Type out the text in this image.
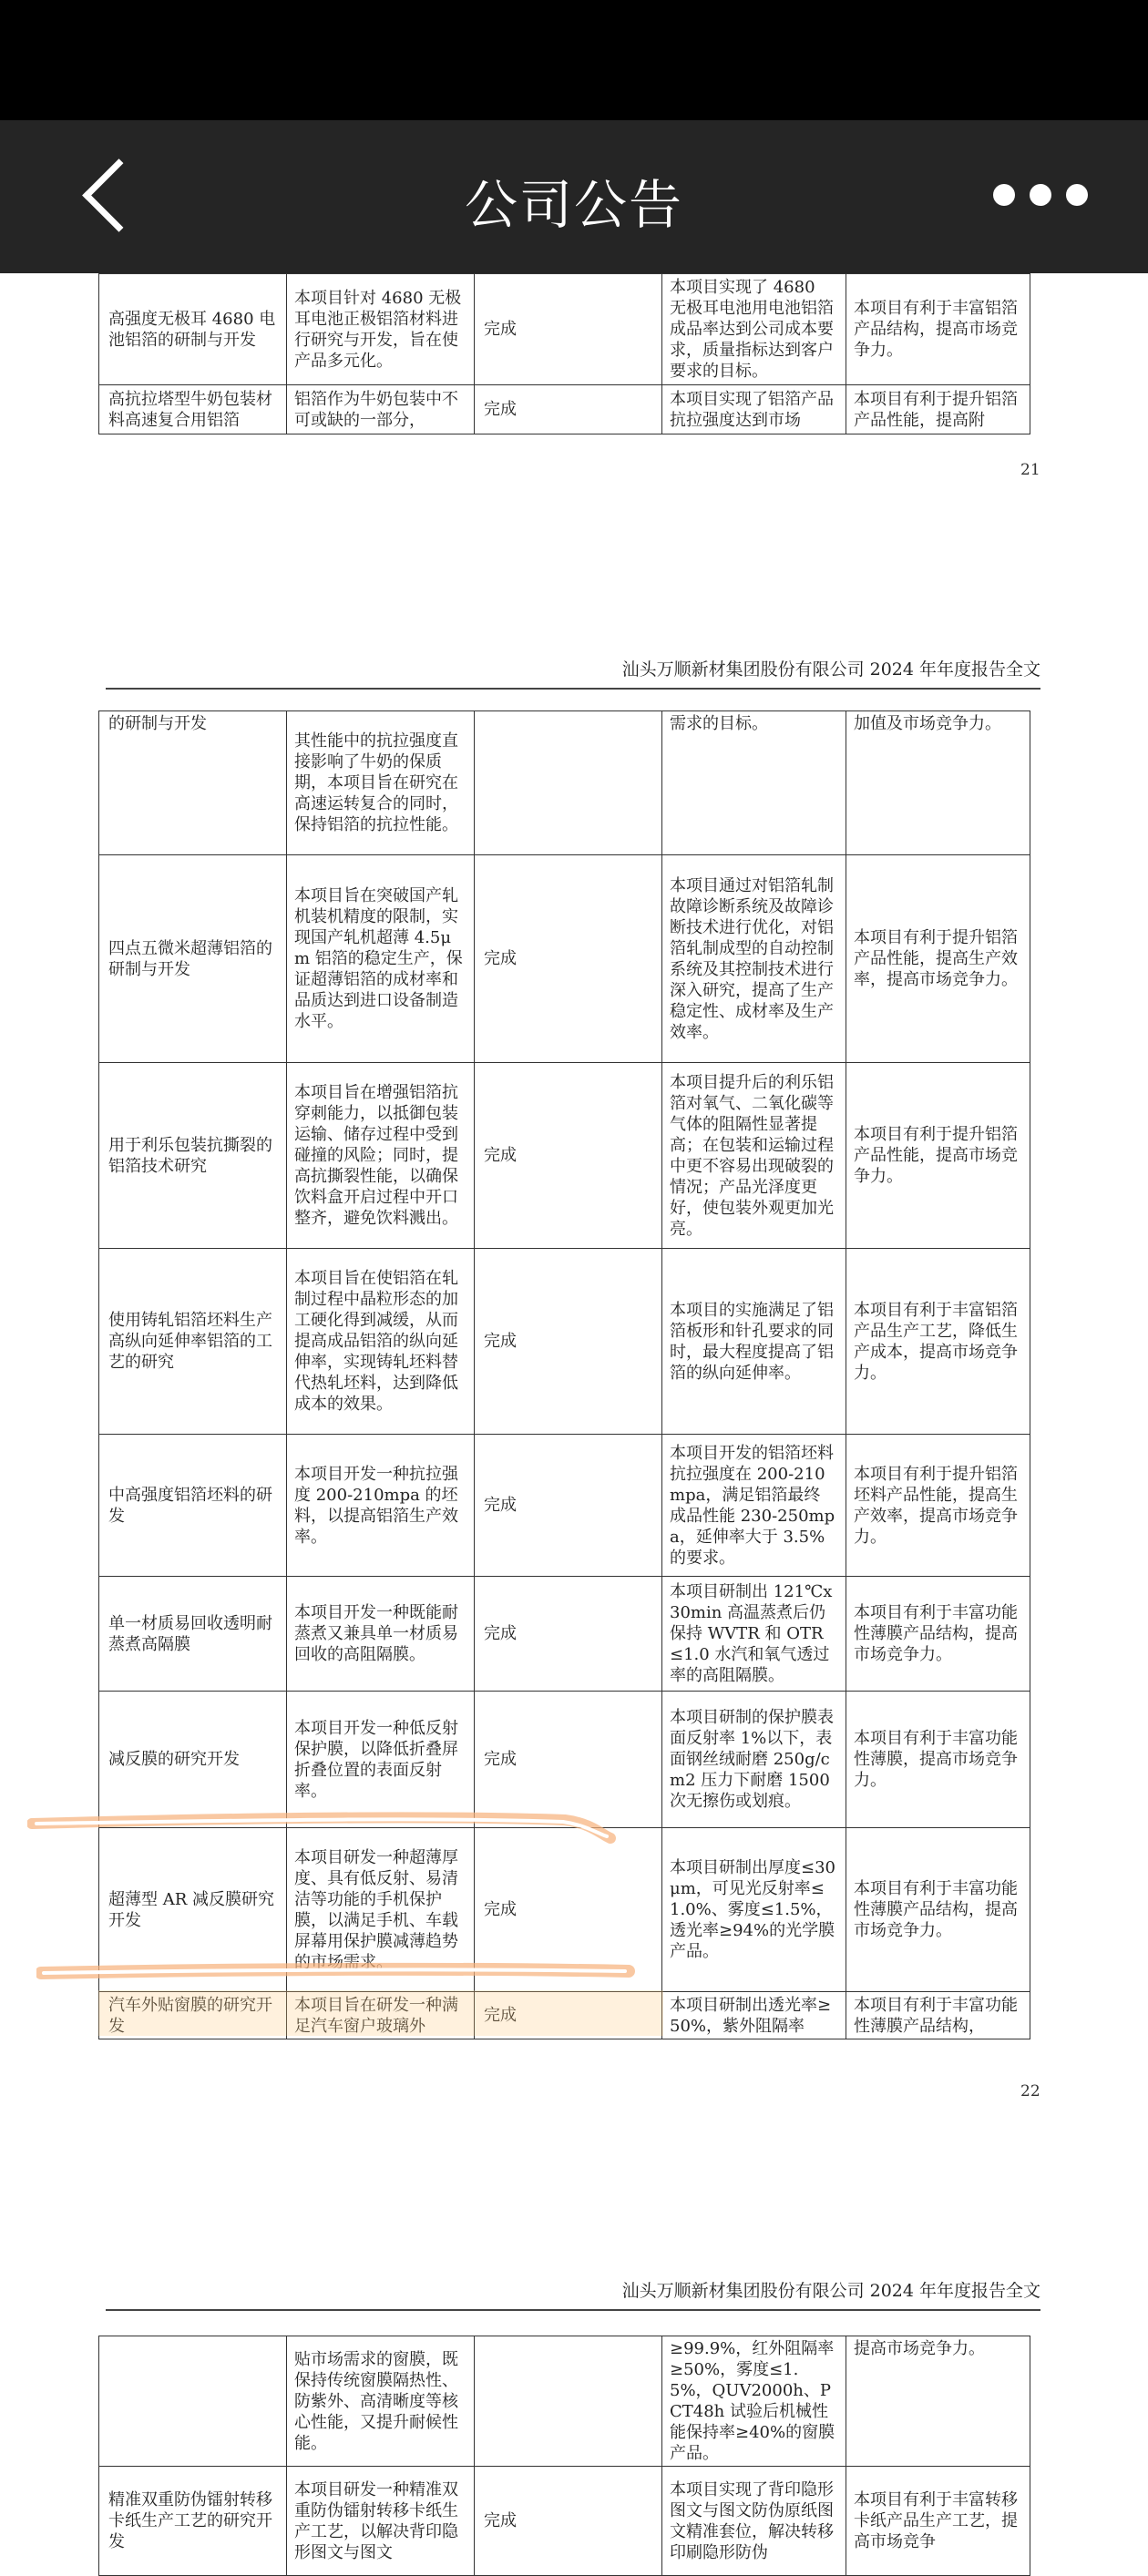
公司公告
高强度无极耳 4680 电池铝箔的研制与开发	本项目针对 4680 无极耳电池正极铝箔材料进行研究与开发，旨在使产品多元化。	完成	本项目实现了 4680 无极耳电池用电池铝箔成品率达到公司成本要求，质量指标达到客户要求的目标。	本项目有利于丰富铝箔产品结构，提高市场竞争力。
高抗拉塔型牛奶包装材料高速复合用铝箔	铝箔作为牛奶包装中不可或缺的一部分，	完成	本项目实现了铝箔产品抗拉强度达到市场	本项目有利于提升铝箔产品性能，提高附
21
汕头万顺新材集团股份有限公司 2024 年年度报告全文
的研制与开发	其性能中的抗拉强度直接影响了牛奶的保质期，本项目旨在研究在高速运转复合的同时，保持铝箔的抗拉性能。		需求的目标。	加值及市场竞争力。
四点五微米超薄铝箔的研制与开发	本项目旨在突破国产轧机装机精度的限制，实现国产轧机超薄 4.5μm 铝箔的稳定生产，保证超薄铝箔的成材率和品质达到进口设备制造水平。	完成	本项目通过对铝箔轧制故障诊断系统及故障诊断技术进行优化，对铝箔轧制成型的自动控制系统及其控制技术进行深入研究，提高了生产稳定性、成材率及生产效率。	本项目有利于提升铝箔产品性能，提高生产效率，提高市场竞争力。
用于利乐包装抗撕裂的铝箔技术研究	本项目旨在增强铝箔抗穿刺能力，以抵御包装运输、储存过程中受到碰撞的风险；同时，提高抗撕裂性能，以确保饮料盒开启过程中开口整齐，避免饮料溅出。	完成	本项目提升后的利乐铝箔对氧气、二氧化碳等气体的阻隔性显著提高；在包装和运输过程中更不容易出现破裂的情况；产品光泽度更好，使包装外观更加光亮。	本项目有利于提升铝箔产品性能，提高市场竞争力。
使用铸轧铝箔坯料生产高纵向延伸率铝箔的工艺的研究	本项目旨在使铝箔在轧制过程中晶粒形态的加工硬化得到减缓，从而提高成品铝箔的纵向延伸率，实现铸轧坯料替代热轧坯料，达到降低成本的效果。	完成	本项目的实施满足了铝箔板形和针孔要求的同时，最大程度提高了铝箔的纵向延伸率。	本项目有利于丰富铝箔产品生产工艺，降低生产成本，提高市场竞争力。
中高强度铝箔坯料的研发	本项目开发一种抗拉强度 200-210mpa 的坯料，以提高铝箔生产效率。	完成	本项目开发的铝箔坯料抗拉强度在 200-210mpa，满足铝箔最终成品性能 230-250mpa，延伸率大于 3.5%的要求。	本项目有利于提升铝箔坯料产品性能，提高生产效率，提高市场竞争力。
单一材质易回收透明耐蒸煮高隔膜	本项目开发一种既能耐蒸煮又兼具单一材质易回收的高阻隔膜。	完成	本项目研制出 121℃x30min 高温蒸煮后仍保持 WVTR 和 OTR≤1.0 水汽和氧气透过率的高阻隔膜。	本项目有利于丰富功能性薄膜产品结构，提高市场竞争力。
减反膜的研究开发	本项目开发一种低反射保护膜，以降低折叠屏折叠位置的表面反射率。	完成	本项目研制的保护膜表面反射率 1%以下，表面钢丝绒耐磨 250g/cm2 压力下耐磨 1500 次无擦伤或划痕。	本项目有利于丰富功能性薄膜，提高市场竞争力。
超薄型 AR 减反膜研究开发	本项目研发一种超薄厚度、具有低反射、易清洁等功能的手机保护膜，以满足手机、车载屏幕用保护膜减薄趋势的市场需求。	完成	本项目研制出厚度≤30μm，可见光反射率≤1.0%、雾度≤1.5%，透光率≥94%的光学膜产品。	本项目有利于丰富功能性薄膜产品结构，提高市场竞争力。
汽车外贴窗膜的研究开发	本项目旨在研发一种满足汽车窗户玻璃外	完成	本项目研制出透光率≥50%，紫外阻隔率	本项目有利于丰富功能性薄膜产品结构，
22
汕头万顺新材集团股份有限公司 2024 年年度报告全文
	贴市场需求的窗膜，既保持传统窗膜隔热性、防紫外、高清晰度等核心性能，又提升耐候性能。		≥99.9%，红外阻隔率≥50%，雾度≤1.5%，QUV2000h、PCT48h 试验后机械性能保持率≥40%的窗膜产品。	提高市场竞争力。
精准双重防伪镭射转移卡纸生产工艺的研究开发	本项目研发一种精准双重防伪镭射转移卡纸生产工艺，以解决背印隐形图文与图文	完成	本项目实现了背印隐形图文与图文防伪原纸图文精准套位，解决转移印刷隐形防伪	本项目有利于丰富转移卡纸产品生产工艺，提高市场竞争
